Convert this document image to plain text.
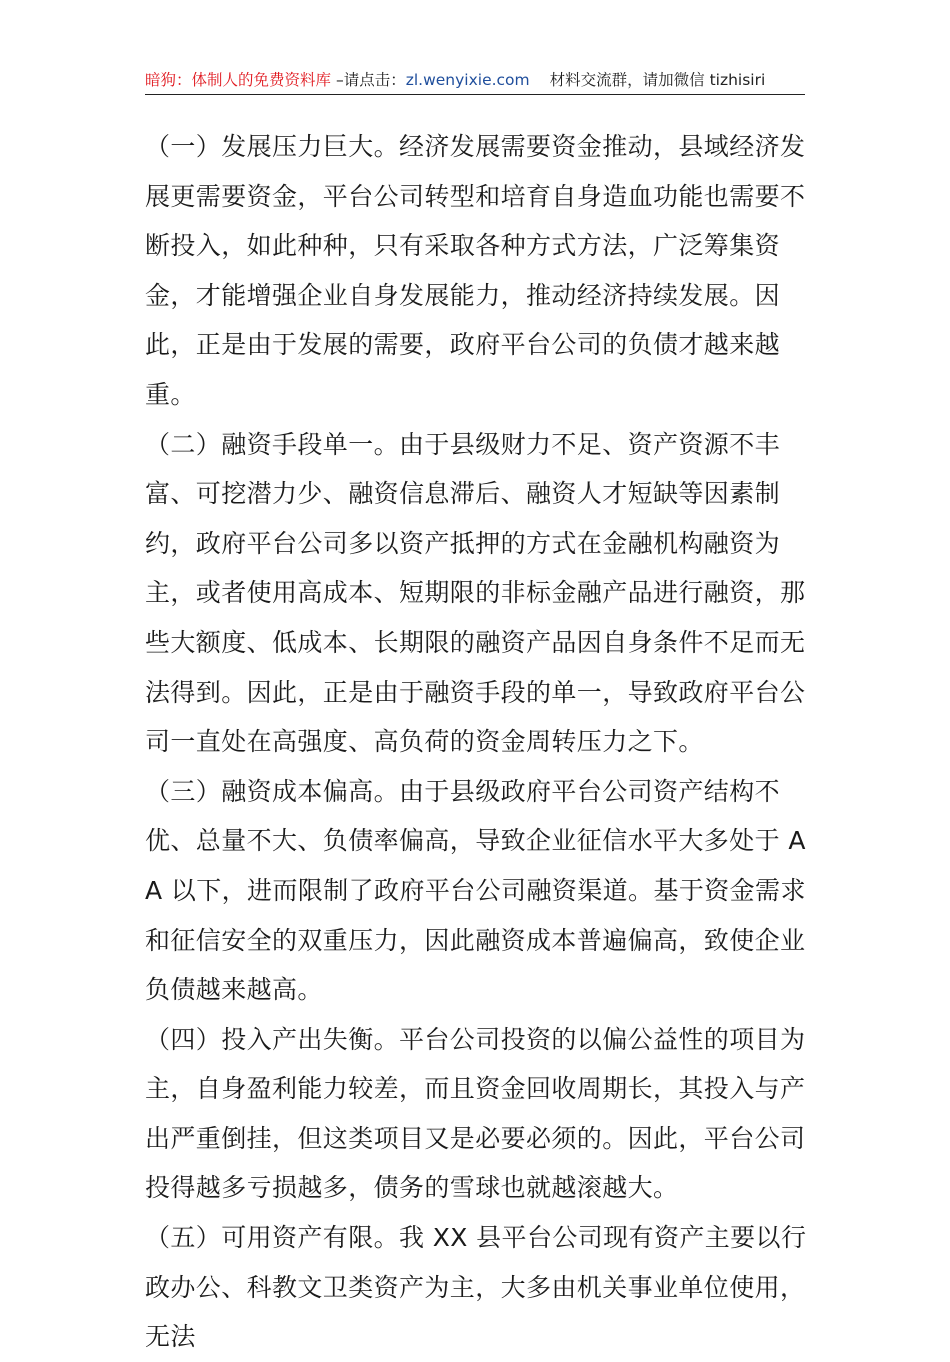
暗狗：体制人的免费资料库 –请点击：zl.wenyixie.com 材料交流群，请加微信 tizhisiri

（一）发展压力巨大。经济发展需要资金推动，县域经济发展更需要资金，平台公司转型和培育自身造血功能也需要不断投入，如此种种，只有采取各种方式方法，广泛筹集资金，才能增强企业自身发展能力，推动经济持续发展。因此，正是由于发展的需要，政府平台公司的负债才越来越重。

（二）融资手段单一。由于县级财力不足、资产资源不丰富、可挖潜力少、融资信息滞后、融资人才短缺等因素制约，政府平台公司多以资产抵押的方式在金融机构融资为主，或者使用高成本、短期限的非标金融产品进行融资，那些大额度、低成本、长期限的融资产品因自身条件不足而无法得到。因此，正是由于融资手段的单一，导致政府平台公司一直处在高强度、高负荷的资金周转压力之下。

（三）融资成本偏高。由于县级政府平台公司资产结构不优、总量不大、负债率偏高，导致企业征信水平大多处于 AA 以下，进而限制了政府平台公司融资渠道。基于资金需求和征信安全的双重压力，因此融资成本普遍偏高，致使企业负债越来越高。

（四）投入产出失衡。平台公司投资的以偏公益性的项目为主，自身盈利能力较差，而且资金回收周期长，其投入与产出严重倒挂，但这类项目又是必要必须的。因此，平台公司投得越多亏损越多，债务的雪球也就越滚越大。

（五）可用资产有限。我 XX 县平台公司现有资产主要以行政办公、科教文卫类资产为主，大多由机关事业单位使用，无法
